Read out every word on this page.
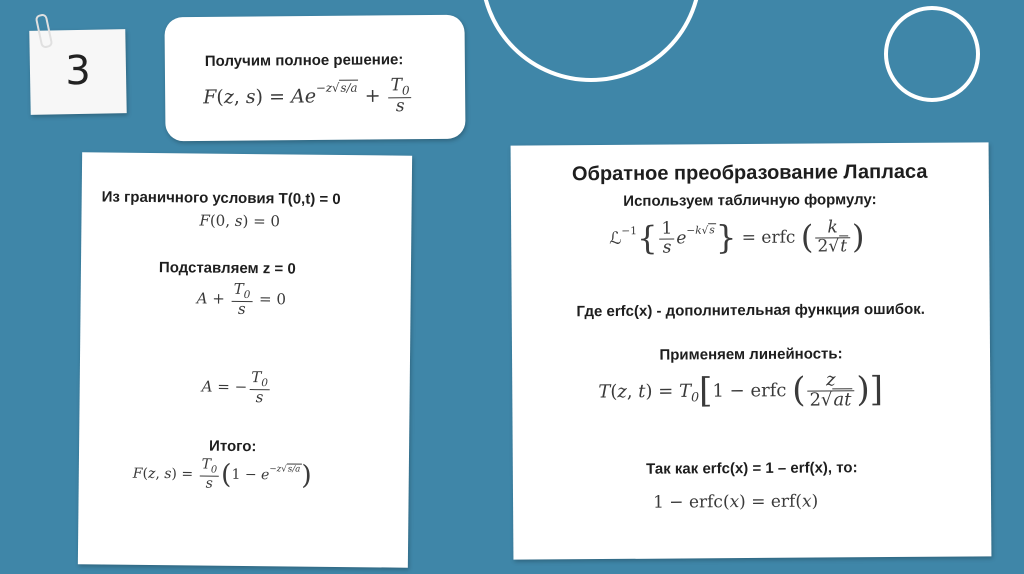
3	Получим полное решение:
F(z, $s) = Ae^{-z√s/a} + \frac{T_0}{s}$
Из граничного условия T(0,t) = 0
F(0, s) = 0
Подставляем z = 0
$A + \frac{T_0}{s} = 0$
A = − $\frac{T_0}{s}$
Итого:
F(z, $s) = \frac{T_0}{s} (1 - e^{-z√s/a})$
Обратное преобразование Лапласа
Используем табличную формулу:
ℒ$^{-1}${ $\frac{1}{s} e^{-k√s}$} = erfc ( $\frac{k}{2√t}$ )
Где erfc(x) - дополнительная функция ошибок.
Применяем линейность:
T(z, $t) = T_0[1$ − erfc ( $\frac{z}{2√at}$ )]
Так как erfc(x) = 1 – erf(x), то:
1 − erfc(x) = erf(x)
